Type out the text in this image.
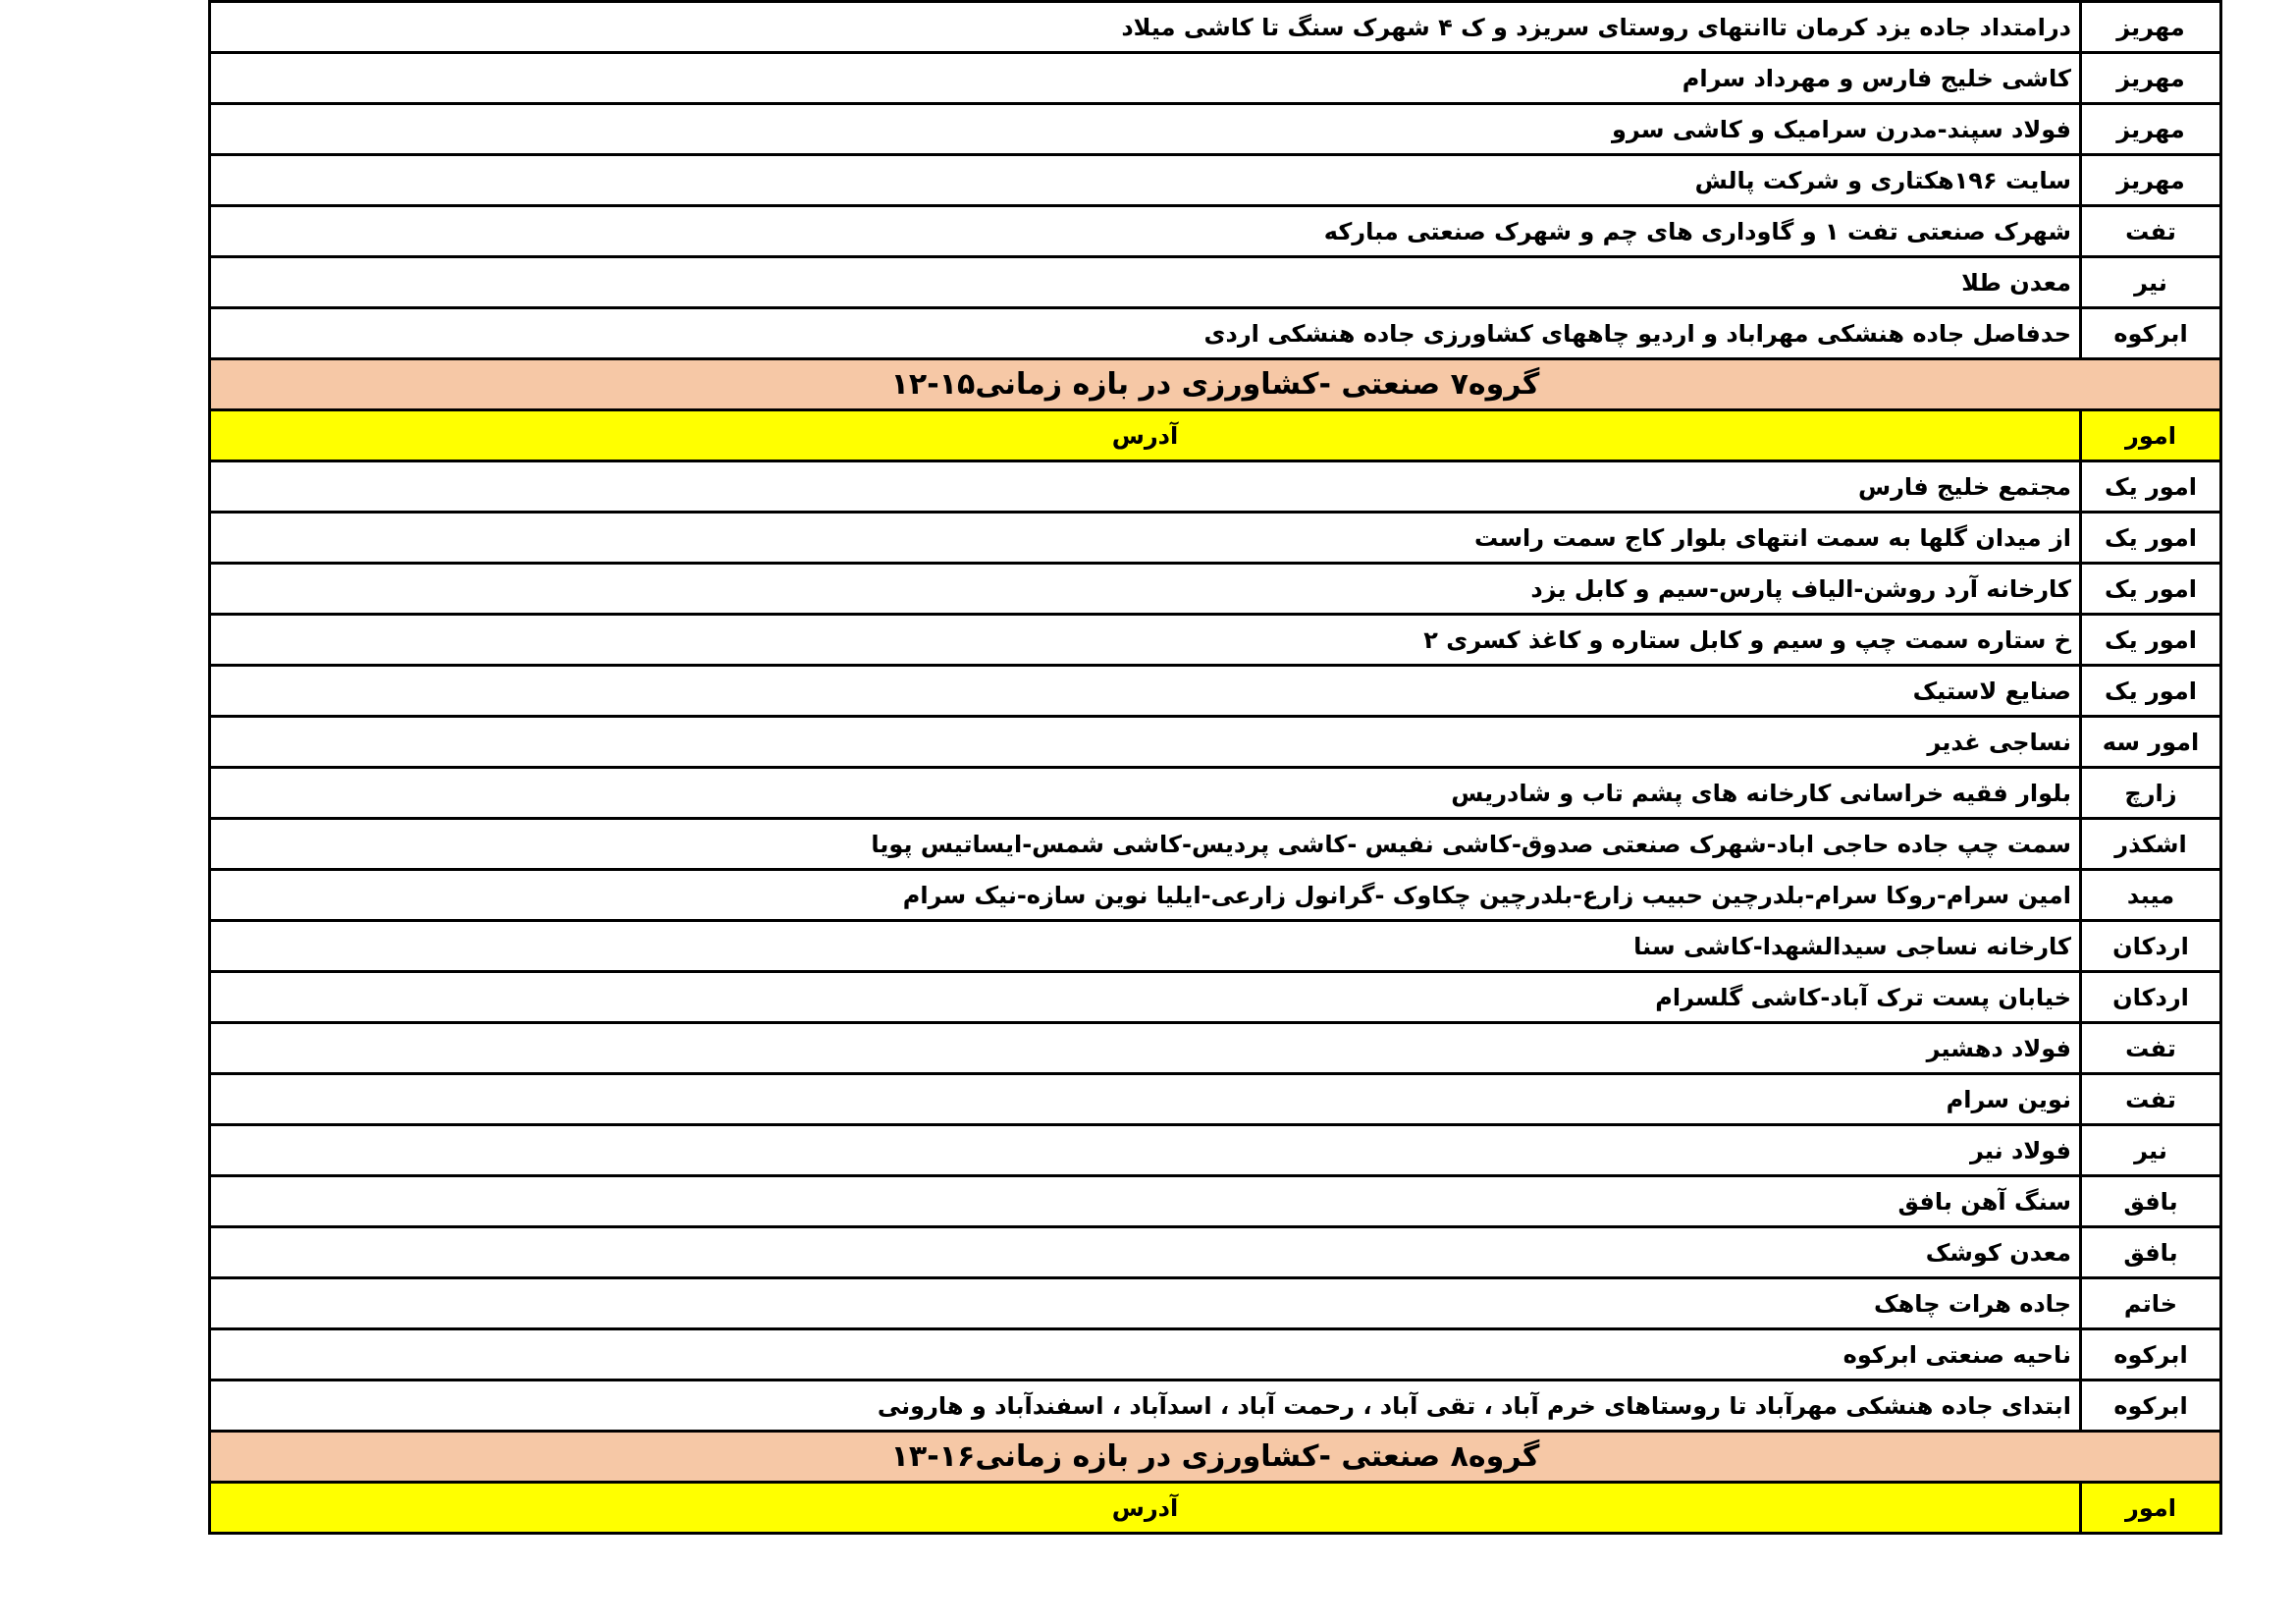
مهریز	درامتداد جاده یزد کرمان تاانتهای روستای سریزد و ک ۴ شهرک سنگ تا کاشی میلاد
مهریز	کاشی خلیج فارس و مهرداد سرام
مهریز	فولاد سپند-مدرن سرامیک و کاشی سرو
مهریز	سایت ۱۹۶هکتاری و شرکت پالش
تفت	شهرک صنعتی تفت ۱ و گاوداری های چم و شهرک صنعتی مبارکه
نیر	معدن طلا
ابرکوه	حدفاصل جاده هنشکی مهراباد و اردیو چاههای کشاورزی جاده هنشکی اردی
گروه۷ صنعتی -کشاورزی در بازه زمانی۱۵-۱۲	
امور	آدرس
امور یک	مجتمع خلیج فارس
امور یک	از میدان گلها به سمت انتهای بلوار کاج سمت راست
امور یک	کارخانه آرد روشن-الیاف پارس-سیم و کابل یزد
امور یک	خ ستاره سمت چپ و سیم و کابل ستاره و کاغذ کسری ۲
امور یک	صنایع لاستیک
امور سه	نساجی غدیر
زارچ	بلوار فقیه خراسانی کارخانه های پشم تاب و شادریس
اشکذر	سمت چپ جاده حاجی اباد-شهرک صنعتی صدوق-کاشی نفیس -کاشی پردیس-کاشی شمس-ایساتیس پویا
میبد	امین سرام-روکا سرام-بلدرچین حبیب زارع-بلدرچین چکاوک -گرانول زارعی-ایلیا نوین سازه-نیک سرام
اردکان	کارخانه نساجی سیدالشهدا-کاشی سنا
اردکان	خیابان پست ترک آباد-کاشی گلسرام
تفت	فولاد دهشیر
تفت	نوین سرام
نیر	فولاد نیر
بافق	سنگ آهن بافق
بافق	معدن کوشک
خاتم	جاده هرات چاهک
ابرکوه	ناحیه صنعتی ابرکوه
ابرکوه	ابتدای جاده هنشکی مهرآباد تا روستاهای خرم آباد ، تقی آباد ، رحمت آباد ، اسدآباد ، اسفندآباد و هارونی
گروه۸ صنعتی -کشاورزی در بازه زمانی۱۶-۱۳	
امور	آدرس
